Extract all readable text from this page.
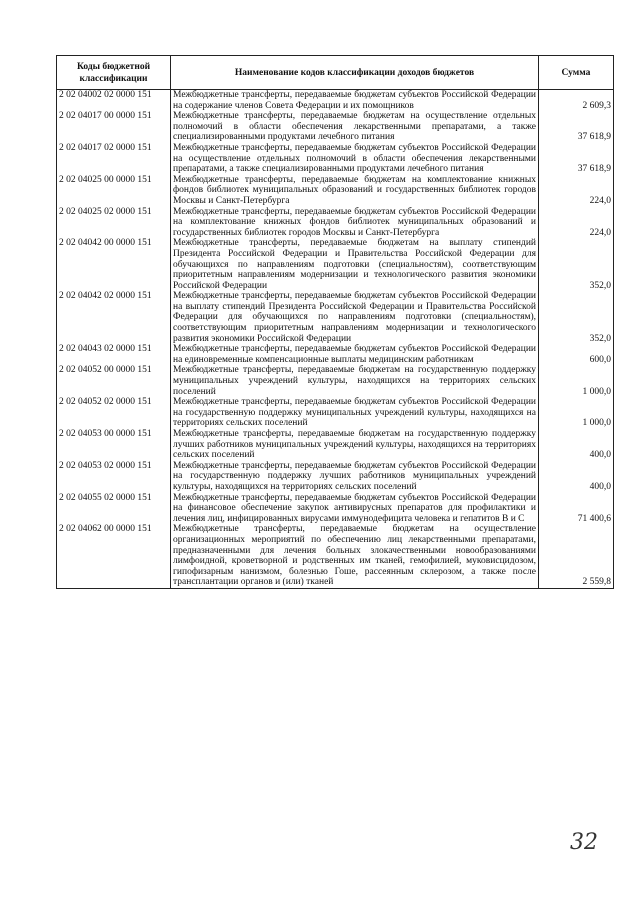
Коды бюджетной классификации	Наименование кодов классификации доходов бюджетов	Сумма
2 02 04002 02 0000 151	Межбюджетные трансферты, передаваемые бюджетам субъектов Российской Федерации на содержание членов Совета Федерации и их помощников	2 609,3
2 02 04017 00 0000 151	Межбюджетные трансферты, передаваемые бюджетам на осуществление отдельных полномочий в области обеспечения лекарственными препаратами, а также специализированными продуктами лечебного питания	37 618,9
2 02 04017 02 0000 151	Межбюджетные трансферты, передаваемые бюджетам субъектов Российской Федерации на осуществление отдельных полномочий в области обеспечения лекарственными препаратами, а также специализированными продуктами лечебного питания	37 618,9
2 02 04025 00 0000 151	Межбюджетные трансферты, передаваемые бюджетам на комплектование книжных фондов библиотек муниципальных образований и государственных библиотек городов Москвы и Санкт-Петербурга	224,0
2 02 04025 02 0000 151	Межбюджетные трансферты, передаваемые бюджетам субъектов Российской Федерации на комплектование книжных фондов библиотек муниципальных образований и государственных библиотек городов Москвы и Санкт-Петербурга	224,0
2 02 04042 00 0000 151	Межбюджетные трансферты, передаваемые бюджетам на выплату стипендий Президента Российской Федерации и Правительства Российской Федерации для обучающихся по направлениям подготовки (специальностям), соответствующим приоритетным направлениям модернизации и технологического развития экономики Российской Федерации	352,0
2 02 04042 02 0000 151	Межбюджетные трансферты, передаваемые бюджетам субъектов Российской Федерации на выплату стипендий Президента Российской Федерации и Правительства Российской Федерации для обучающихся по направлениям подготовки (специальностям), соответствующим приоритетным направлениям модернизации и технологического развития экономики Российской Федерации	352,0
2 02 04043 02 0000 151	Межбюджетные трансферты, передаваемые бюджетам субъектов Российской Федерации на единовременные компенсационные выплаты медицинским работникам	600,0
2 02 04052 00 0000 151	Межбюджетные трансферты, передаваемые бюджетам на государственную поддержку муниципальных учреждений культуры, находящихся на территориях сельских поселений	1 000,0
2 02 04052 02 0000 151	Межбюджетные трансферты, передаваемые бюджетам субъектов Российской Федерации на государственную поддержку муниципальных учреждений культуры, находящихся на территориях сельских поселений	1 000,0
2 02 04053 00 0000 151	Межбюджетные трансферты, передаваемые бюджетам на государственную поддержку лучших работников муниципальных учреждений культуры, находящихся на территориях сельских поселений	400,0
2 02 04053 02 0000 151	Межбюджетные трансферты, передаваемые бюджетам субъектов Российской Федерации на государственную поддержку лучших работников муниципальных учреждений культуры, находящихся на территориях сельских поселений	400,0
2 02 04055 02 0000 151	Межбюджетные трансферты, передаваемые бюджетам субъектов Российской Федерации на финансовое обеспечение закупок антивирусных препаратов для профилактики и лечения лиц, инфицированных вирусами иммунодефицита человека и гепатитов В и С	71 400,6
2 02 04062 00 0000 151	Межбюджетные трансферты, передаваемые бюджетам на осуществление организационных мероприятий по обеспечению лиц лекарственными препаратами, предназначенными для лечения больных злокачественными новообразованиями лимфоидной, кроветворной и родственных им тканей, гемофилией, муковисцидозом, гипофизарным нанизмом, болезнью Гоше, рассеянным склерозом, а также после трансплантации органов и (или) тканей	2 559,8
32
